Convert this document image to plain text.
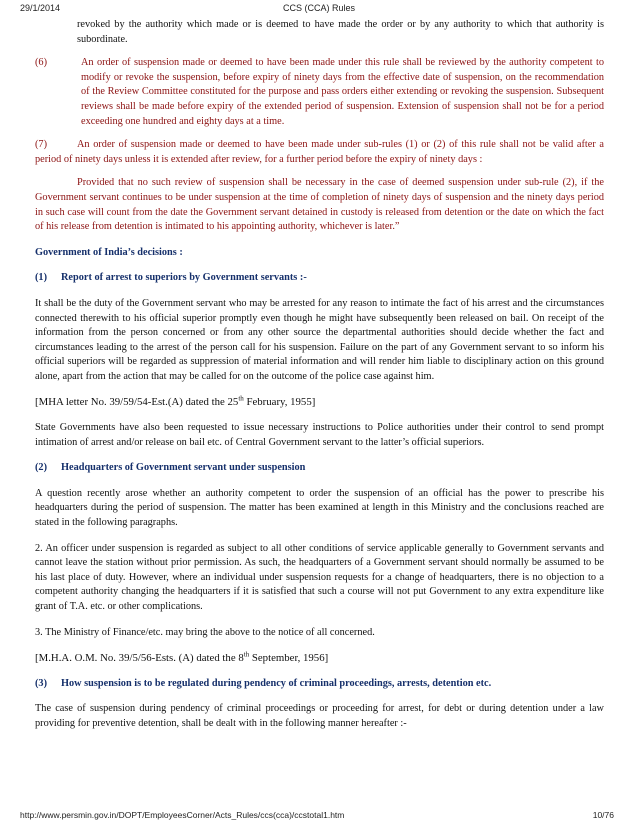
29/1/2014	CCS (CCA) Rules

revoked by the authority which made or is deemed to have made the order or by any authority to which that authority is subordinate.

(6)	An order of suspension made or deemed to have been made under this rule shall be reviewed by the authority competent to modify or revoke the suspension, before expiry of ninety days from the effective date of suspension, on the recommendation of the Review Committee constituted for the purpose and pass orders either extending or revoking the suspension. Subsequent reviews shall be made before expiry of the extended period of suspension. Extension of suspension shall not be for a period exceeding one hundred and eighty days at a time.

(7)	An order of suspension made or deemed to have been made under sub-rules (1) or (2) of this rule shall not be valid after a period of ninety days unless it is extended after review, for a further period before the expiry of ninety days :

Provided that no such review of suspension shall be necessary in the case of deemed suspension under sub-rule (2), if the Government servant continues to be under suspension at the time of completion of ninety days of suspension and the ninety days period in such case will count from the date the Government servant detained in custody is released from detention or the date on which the fact of his release from detention is intimated to his appointing authority, whichever is later.”

Government of India’s decisions :

(1) Report of arrest to superiors by Government servants :-

It shall be the duty of the Government servant who may be arrested for any reason to intimate the fact of his arrest and the circumstances connected therewith to his official superior promptly even though he might have subsequently been released on bail. On receipt of the information from the person concerned or from any other source the departmental authorities should decide whether the fact and circumstances leading to the arrest of the person call for his suspension. Failure on the part of any Government servant to so inform his official superiors will be regarded as suppression of material information and will render him liable to disciplinary action on this ground alone, apart from the action that may be called for on the outcome of the police case against him.

[MHA letter No. 39/59/54-Est.(A) dated the 25th February, 1955]

State Governments have also been requested to issue necessary instructions to Police authorities under their control to send prompt intimation of arrest and/or release on bail etc. of Central Government servant to the latter’s official superiors.

(2) Headquarters of Government servant under suspension

A question recently arose whether an authority competent to order the suspension of an official has the power to prescribe his headquarters during the period of suspension. The matter has been examined at length in this Ministry and the conclusions reached are stated in the following paragraphs.

2. An officer under suspension is regarded as subject to all other conditions of service applicable generally to Government servants and cannot leave the station without prior permission. As such, the headquarters of a Government servant should normally be assumed to be his last place of duty. However, where an individual under suspension requests for a change of headquarters, there is no objection to a competent authority changing the headquarters if it is satisfied that such a course will not put Government to any extra expenditure like grant of T.A. etc. or other complications.

3. The Ministry of Finance/etc. may bring the above to the notice of all concerned.

[M.H.A. O.M. No. 39/5/56-Ests. (A) dated the 8th September, 1956]

(3) How suspension is to be regulated during pendency of criminal proceedings, arrests, detention etc.

The case of suspension during pendency of criminal proceedings or proceeding for arrest, for debt or during detention under a law providing for preventive detention, shall be dealt with in the following manner hereafter :-

http://www.persmin.gov.in/DOPT/EmployeesCorner/Acts_Rules/ccs(cca)/ccstotal1.htm	10/76
